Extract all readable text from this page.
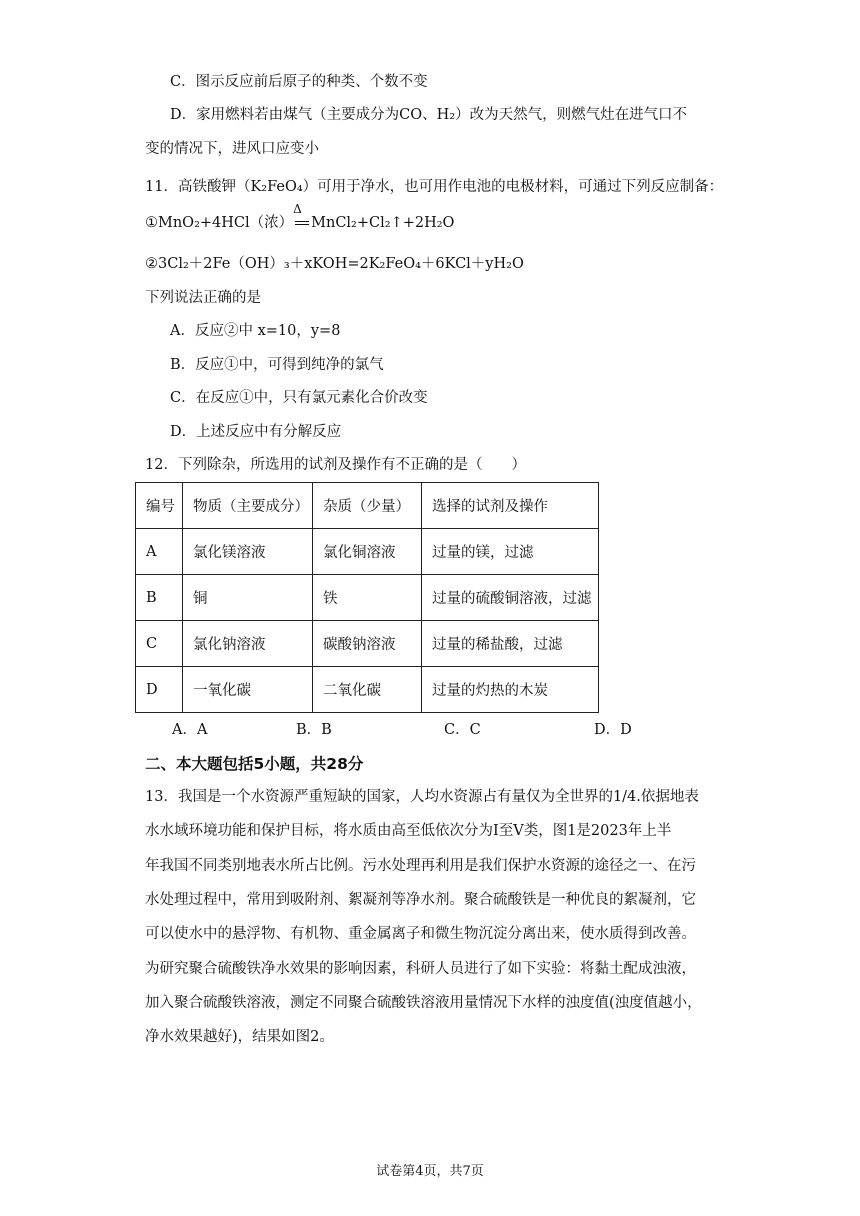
C．图示反应前后原子的种类、个数不变
D．家用燃料若由煤气（主要成分为CO、H₂）改为天然气，则燃气灶在进气口不
变的情况下，进风口应变小
11．高铁酸钾（K₂FeO₄）可用于净水，也可用作电池的电极材料，可通过下列反应制备：
①MnO₂+4HCl（浓）
Δ
MnCl₂+Cl₂↑+2H₂O
②3Cl₂＋2Fe（OH）₃＋xKOH=2K₂FeO₄＋6KCl＋yH₂O
下列说法正确的是
A．反应②中 x=10，y=8
B．反应①中，可得到纯净的氯气
C．在反应①中，只有氯元素化合价改变
D．上述反应中有分解反应
12．下列除杂，所选用的试剂及操作有不正确的是（　　）
编号	物质（主要成分）	杂质（少量）	选择的试剂及操作
A	氯化镁溶液	氯化铜溶液	过量的镁，过滤
B	铜	铁	过量的硫酸铜溶液，过滤
C	氯化钠溶液	碳酸钠溶液	过量的稀盐酸，过滤
D	一氧化碳	二氧化碳	过量的灼热的木炭
A．A	B．B	C．C	D．D
二、本大题包括5小题，共28分
13．我国是一个水资源严重短缺的国家，人均水资源占有量仅为全世界的1/4.依据地表
水水域环境功能和保护目标，将水质由高至低依次分为Ⅰ至Ⅴ类，图1是2023年上半
年我国不同类别地表水所占比例。污水处理再利用是我们保护水资源的途径之一、在污
水处理过程中，常用到吸附剂、絮凝剂等净水剂。聚合硫酸铁是一种优良的絮凝剂，它
可以使水中的悬浮物、有机物、重金属离子和微生物沉淀分离出来，使水质得到改善。
为研究聚合硫酸铁净水效果的影响因素，科研人员进行了如下实验：将黏土配成浊液，
加入聚合硫酸铁溶液，测定不同聚合硫酸铁溶液用量情况下水样的浊度值(浊度值越小，
净水效果越好)，结果如图2。
试卷第4页，共7页
